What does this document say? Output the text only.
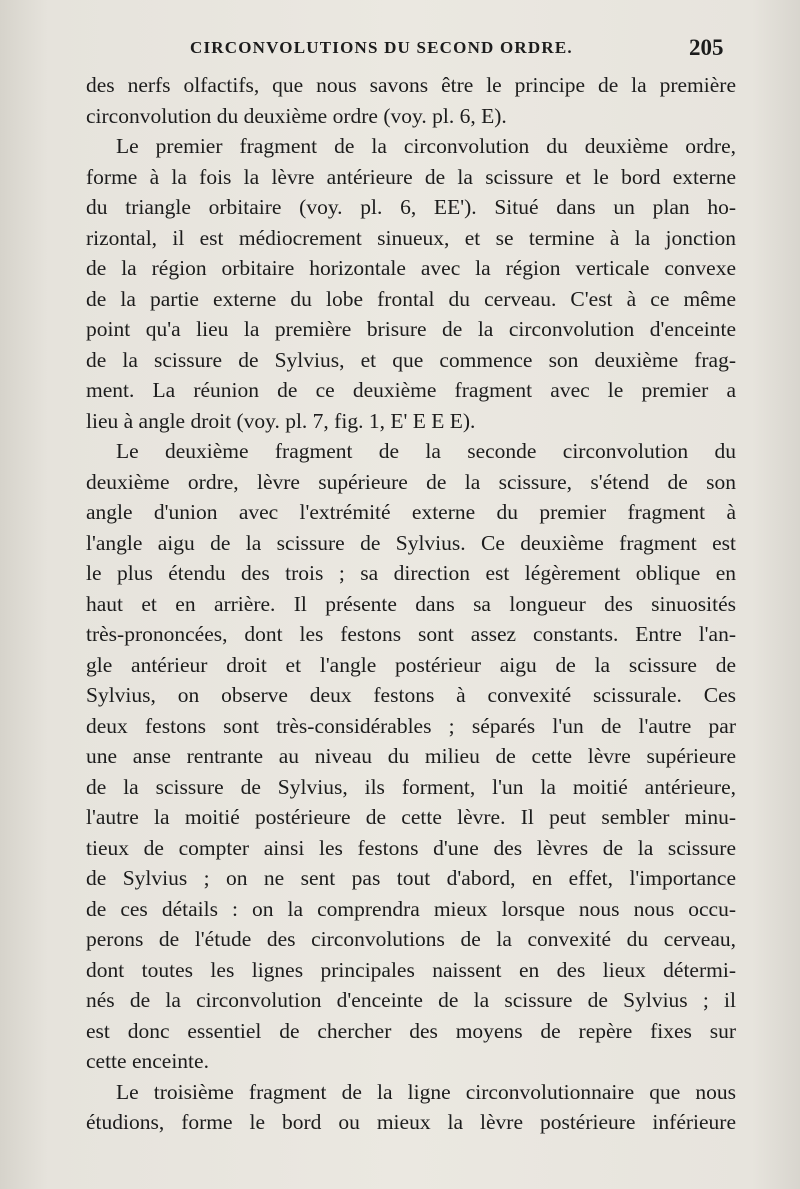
CIRCONVOLUTIONS DU SECOND ORDRE.	205
des nerfs olfactifs, que nous savons être le principe de la première
circonvolution du deuxième ordre (voy. pl. 6, E).
Le premier fragment de la circonvolution du deuxième ordre,
forme à la fois la lèvre antérieure de la scissure et le bord externe
du triangle orbitaire (voy. pl. 6, EE'). Situé dans un plan ho-
rizontal, il est médiocrement sinueux, et se termine à la jonction
de la région orbitaire horizontale avec la région verticale convexe
de la partie externe du lobe frontal du cerveau. C'est à ce même
point qu'a lieu la première brisure de la circonvolution d'enceinte
de la scissure de Sylvius, et que commence son deuxième frag-
ment. La réunion de ce deuxième fragment avec le premier a
lieu à angle droit (voy. pl. 7, fig. 1, E' E E E).
Le deuxième fragment de la seconde circonvolution du
deuxième ordre, lèvre supérieure de la scissure, s'étend de son
angle d'union avec l'extrémité externe du premier fragment à
l'angle aigu de la scissure de Sylvius. Ce deuxième fragment est
le plus étendu des trois ; sa direction est légèrement oblique en
haut et en arrière. Il présente dans sa longueur des sinuosités
très-prononcées, dont les festons sont assez constants. Entre l'an-
gle antérieur droit et l'angle postérieur aigu de la scissure de
Sylvius, on observe deux festons à convexité scissurale. Ces
deux festons sont très-considérables ; séparés l'un de l'autre par
une anse rentrante au niveau du milieu de cette lèvre supérieure
de la scissure de Sylvius, ils forment, l'un la moitié antérieure,
l'autre la moitié postérieure de cette lèvre. Il peut sembler minu-
tieux de compter ainsi les festons d'une des lèvres de la scissure
de Sylvius ; on ne sent pas tout d'abord, en effet, l'importance
de ces détails : on la comprendra mieux lorsque nous nous occu-
perons de l'étude des circonvolutions de la convexité du cerveau,
dont toutes les lignes principales naissent en des lieux détermi-
nés de la circonvolution d'enceinte de la scissure de Sylvius ; il
est donc essentiel de chercher des moyens de repère fixes sur
cette enceinte.
Le troisième fragment de la ligne circonvolutionnaire que nous
étudions, forme le bord ou mieux la lèvre postérieure inférieure
